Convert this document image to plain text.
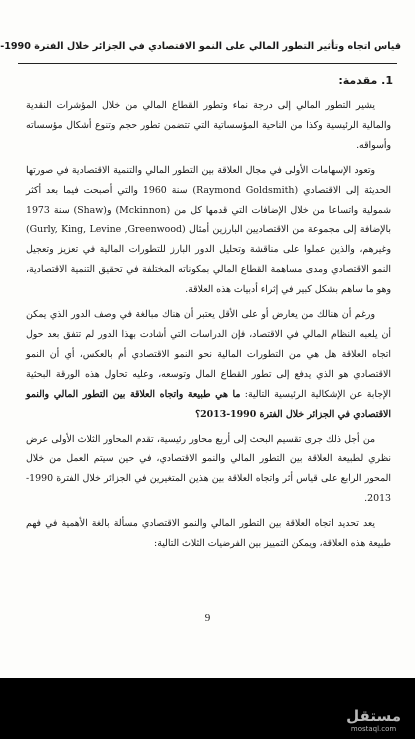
قياس اتجاه وتأثير التطور المالي على النمو الاقتصادي في الجزائر خلال الفترة 1990-
1. مقدمة:

يشير التطور المالي إلى درجة نماء وتطور القطاع المالي من خلال المؤشرات النقدية والمالية الرئيسية وكذا من الناحية المؤسساتية التي تتضمن تطور حجم وتنوع أشكال مؤسساته وأسواقه.

وتعود الإسهامات الأولى في مجال العلاقة بين التطور المالي والتنمية الاقتصادية في صورتها الحديثة إلى الاقتصادي (Raymond Goldsmith) سنة 1960 والتي أصبحت فيما بعد أكثر شمولية واتساعا من خلال الإضافات التي قدمها كل من (Mckinnon) و(Shaw) سنة 1973 بالإضافة إلى مجموعة من الاقتصاديين البارزين أمثال (Gurly, King, Levine ,Greenwood) وغيرهم، والذين عملوا على مناقشة وتحليل الدور البارز للتطورات المالية في تعزيز وتعجيل النمو الاقتصادي ومدى مساهمة القطاع المالي بمكوناته المختلفة في تحقيق التنمية الاقتصادية، وهو ما ساهم بشكل كبير في إثراء أدبيات هذه العلاقة.

ورغم أن هنالك من يعارض أو على الأقل يعتبر أن هناك مبالغة في وصف الدور الذي يمكن أن يلعبه النظام المالي في الاقتصاد، فإن الدراسات التي أشادت بهذا الدور لم تتفق بعد حول اتجاه العلاقة هل هي من التطورات المالية نحو النمو الاقتصادي أم بالعكس، أي أن النمو الاقتصادي هو الذي يدفع إلى تطور القطاع المال وتوسعه، وعليه تحاول هذه الورقة البحثية الإجابة عن الإشكالية الرئيسية التالية: ما هي طبيعة واتجاه العلاقة بين التطور المالي والنمو الاقتصادي في الجزائر خلال الفترة 1990-2013؟

من أجل ذلك جرى تقسيم البحث إلى أربع محاور رئيسية، تقدم المحاور الثلاث الأولى عرض نظري لطبيعة العلاقة بين التطور المالي والنمو الاقتصادي، في حين سيتم العمل من خلال المحور الرابع على قياس أثر واتجاه العلاقة بين هذين المتغيرين في الجزائر خلال الفترة 1990-2013.

يعد تحديد اتجاه العلاقة بين التطور المالي والنمو الاقتصادي مسألة بالغة الأهمية في فهم طبيعة هذه العلاقة، ويمكن التمييز بين الفرضيات الثلاث التالية:

9
مستقل
mostaql.com
